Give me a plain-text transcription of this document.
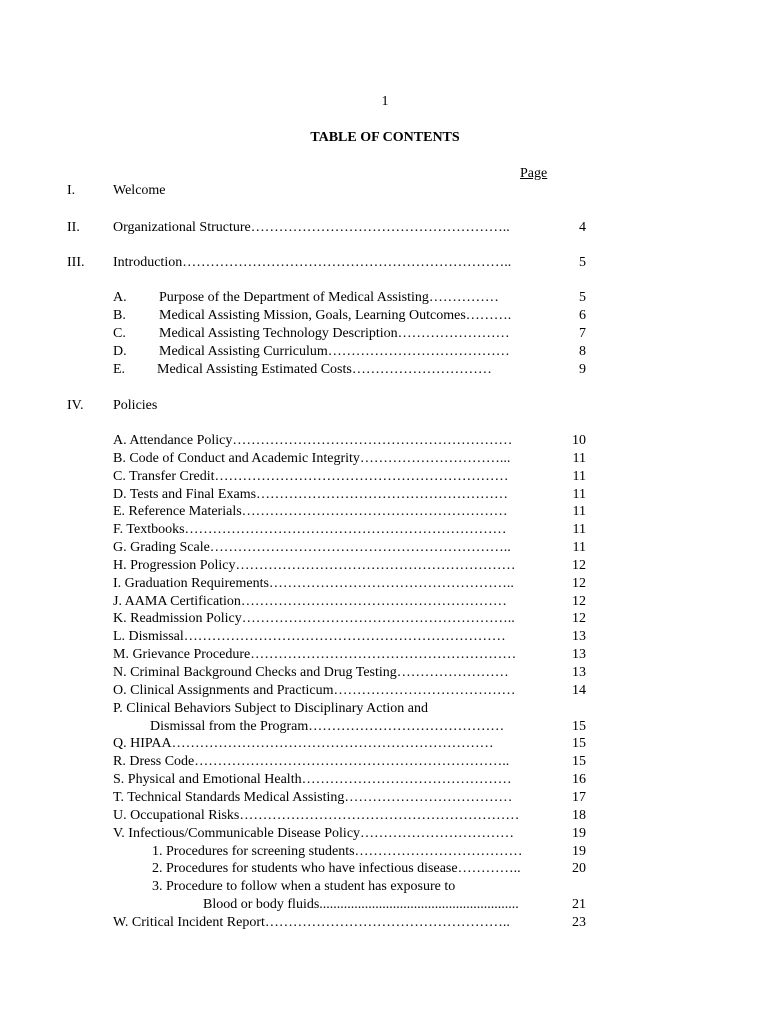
1
TABLE OF CONTENTS
Page
I.	Welcome
II. Organizational Structure………………………………………………..	4
III. Introduction……………………………………………………………..	5
A. Purpose of the Department of Medical Assisting……………	5
B. Medical Assisting Mission, Goals, Learning Outcomes……….	6
C. Medical Assisting Technology Description……………………	7
D. Medical Assisting Curriculum…………………………………	8
E. Medical Assisting Estimated Costs…………………………	9
IV. Policies
A. Attendance Policy……………………………………………………	10
B. Code of Conduct and Academic Integrity…………………………...	11
C. Transfer Credit………………………………………………………	11
D. Tests and Final Exams………………………………………………	11
E. Reference Materials…………………………………………………	11
F. Textbooks……………………………………………………………	11
G. Grading Scale………………………………………………………..	11
H. Progression Policy……………………………………………………	12
I. Graduation Requirements……………………………………………..	12
J. AAMA Certification…………………………………………………	12
K. Readmission Policy…………………………………………………..	12
L. Dismissal……………………………………………………………	13
M. Grievance Procedure…………………………………………………	13
N. Criminal Background Checks and Drug Testing……………………	13
O. Clinical Assignments and Practicum…………………………………	14
P. Clinical Behaviors Subject to Disciplinary Action and
Dismissal from the Program……………………………………	15
Q. HIPAA……………………………………………………………	15
R. Dress Code…………………………………………………………..	15
S. Physical and Emotional Health………………………………………	16
T. Technical Standards Medical Assisting………………………………	17
U. Occupational Risks……………………………………………………	18
V. Infectious/Communicable Disease Policy……………………………	19
1. Procedures for screening students………………………………	19
2. Procedures for students who have infectious disease…………..	20
3. Procedure to follow when a student has exposure to
Blood or body fluids.........................................................	21
W. Critical Incident Report……………………………………………..	23
